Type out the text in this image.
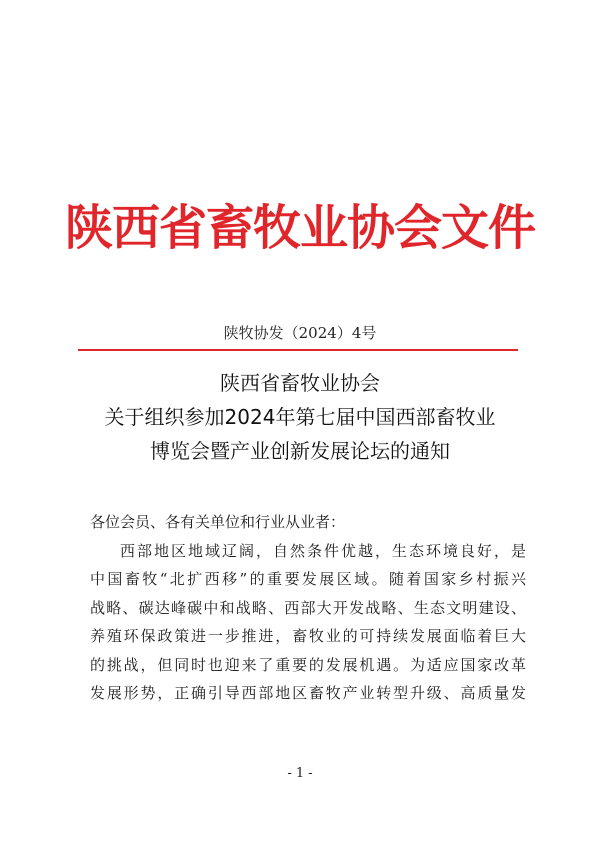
陕西省畜牧业协会文件
陕牧协发（2024）4号
陕西省畜牧业协会
关于组织参加2024年第七届中国西部畜牧业
博览会暨产业创新发展论坛的通知
各位会员、各有关单位和行业从业者：
西部地区地域辽阔，自然条件优越，生态环境良好，是
中国畜牧“北扩西移”的重要发展区域。随着国家乡村振兴
战略、碳达峰碳中和战略、西部大开发战略、生态文明建设、
养殖环保政策进一步推进，畜牧业的可持续发展面临着巨大
的挑战，但同时也迎来了重要的发展机遇。为适应国家改革
发展形势，正确引导西部地区畜牧产业转型升级、高质量发
- 1 -
